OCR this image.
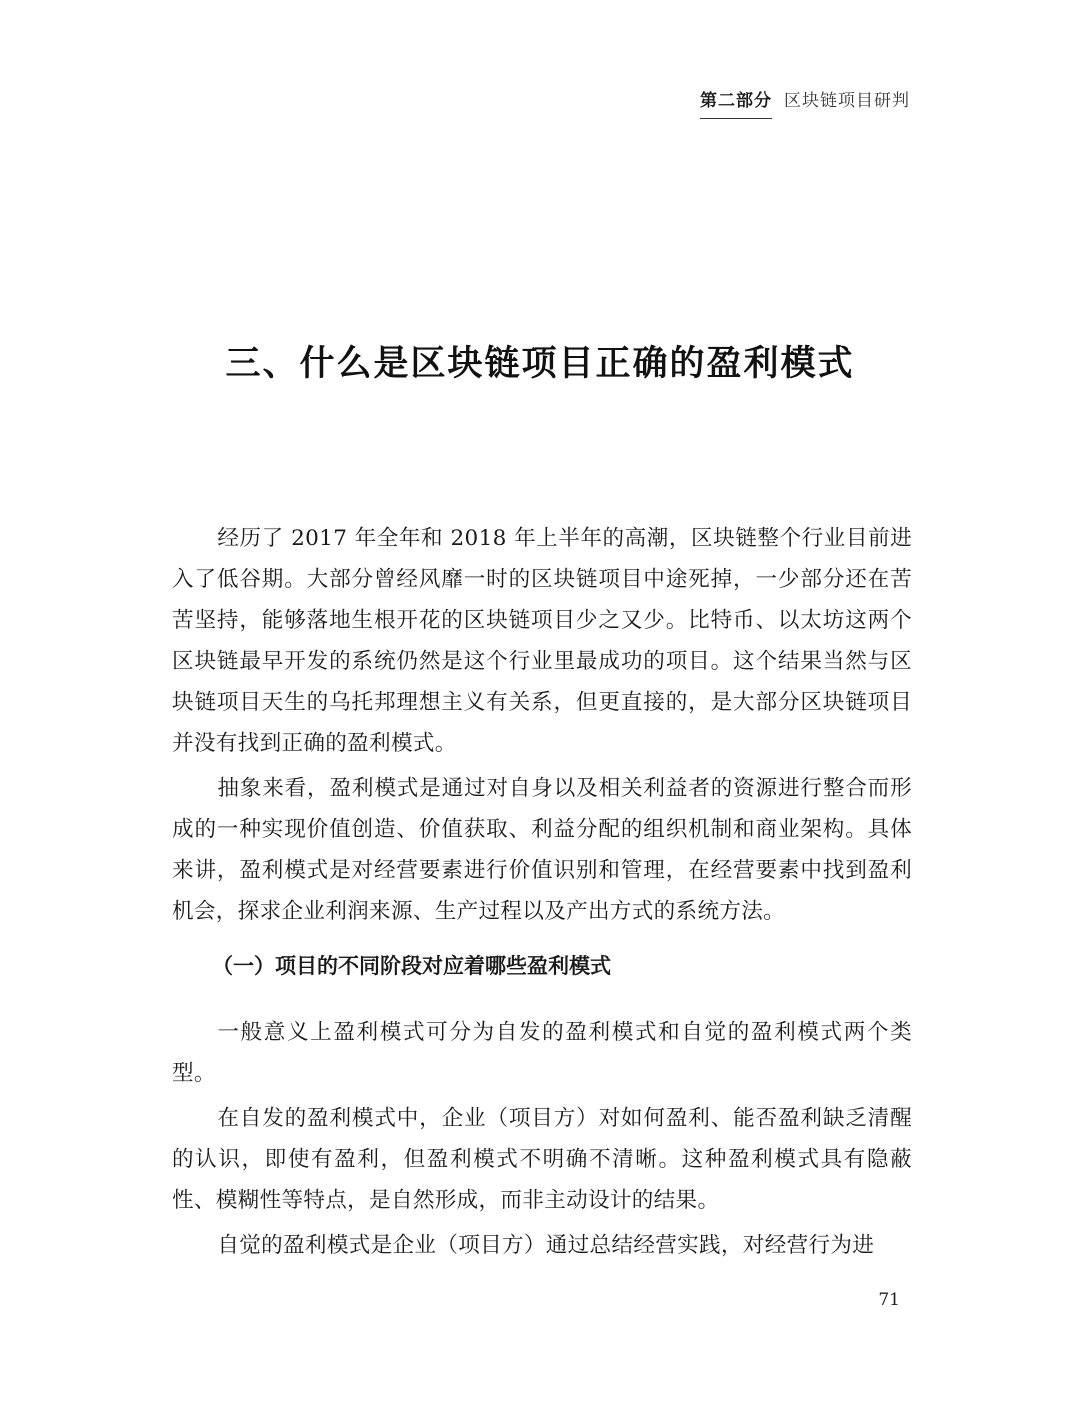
第二部分 区块链项目研判
三、什么是区块链项目正确的盈利模式

经历了 2017 年全年和 2018 年上半年的高潮，区块链整个行业目前进入了低谷期。大部分曾经风靡一时的区块链项目中途死掉，一少部分还在苦苦坚持，能够落地生根开花的区块链项目少之又少。比特币、以太坊这两个区块链最早开发的系统仍然是这个行业里最成功的项目。这个结果当然与区块链项目天生的乌托邦理想主义有关系，但更直接的，是大部分区块链项目并没有找到正确的盈利模式。

抽象来看，盈利模式是通过对自身以及相关利益者的资源进行整合而形成的一种实现价值创造、价值获取、利益分配的组织机制和商业架构。具体来讲，盈利模式是对经营要素进行价值识别和管理，在经营要素中找到盈利机会，探求企业利润来源、生产过程以及产出方式的系统方法。

（一）项目的不同阶段对应着哪些盈利模式

一般意义上盈利模式可分为自发的盈利模式和自觉的盈利模式两个类型。

在自发的盈利模式中，企业（项目方）对如何盈利、能否盈利缺乏清醒的认识，即使有盈利，但盈利模式不明确不清晰。这种盈利模式具有隐蔽性、模糊性等特点，是自然形成，而非主动设计的结果。

自觉的盈利模式是企业（项目方）通过总结经营实践，对经营行为进

71
